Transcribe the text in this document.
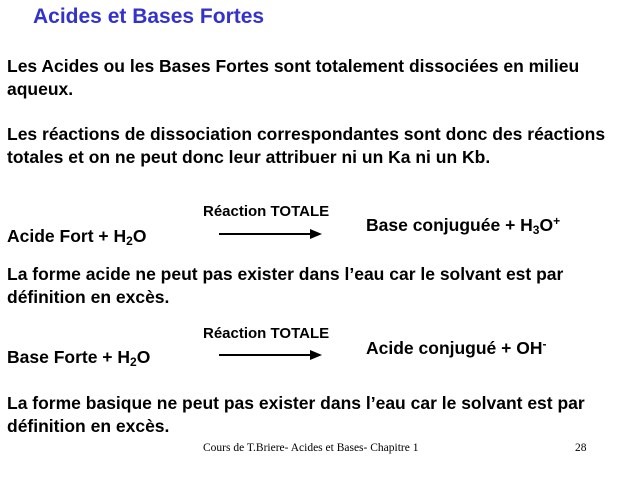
Acides et Bases Fortes
Les Acides ou les Bases Fortes sont totalement dissociées en milieu aqueux.
Les réactions de dissociation correspondantes sont donc des réactions totales et on ne peut donc leur attribuer ni un Ka ni un Kb.
Acide Fort + $H_2O$
Réaction TOTALE
Base conjuguée + $H_3O^+$
La forme acide ne peut pas exister dans l’eau car le solvant est par définition en excès.
Base Forte + $H_2O$
Réaction TOTALE
Acide conjugué + OH-
La forme basique ne peut pas exister dans l’eau car le solvant est par définition en excès.
Cours de T.Briere- Acides et Bases- Chapitre 1	28
